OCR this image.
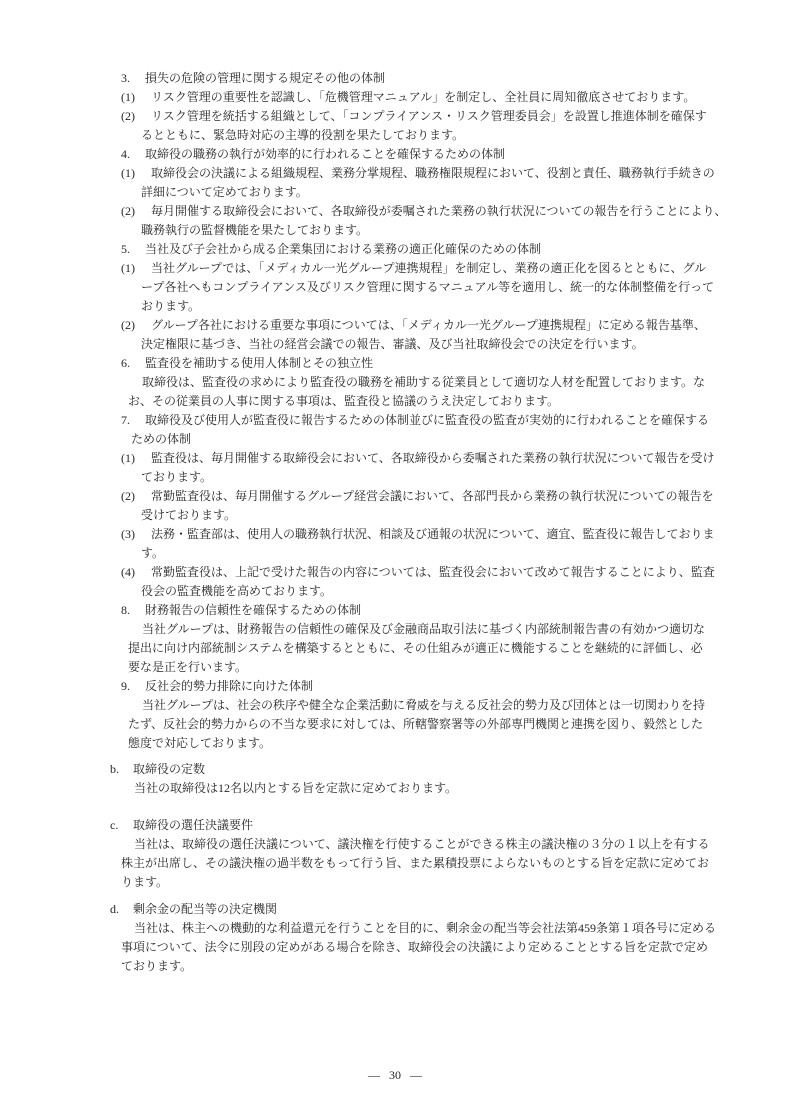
3. 損失の危険の管理に関する規定その他の体制
(1) リスク管理の重要性を認識し、「危機管理マニュアル」を制定し、全社員に周知徹底させております。
(2) リスク管理を統括する組織として、「コンプライアンス・リスク管理委員会」を設置し推進体制を確保す
るとともに、緊急時対応の主導的役割を果たしております。
4. 取締役の職務の執行が効率的に行われることを確保するための体制
(1) 取締役会の決議による組織規程、業務分掌規程、職務権限規程において、役割と責任、職務執行手続きの
詳細について定めております。
(2) 毎月開催する取締役会において、各取締役が委嘱された業務の執行状況についての報告を行うことにより、
職務執行の監督機能を果たしております。
5. 当社及び子会社から成る企業集団における業務の適正化確保のための体制
(1) 当社グループでは、「メディカル一光グループ連携規程」を制定し、業務の適正化を図るとともに、グル
ープ各社へもコンプライアンス及びリスク管理に関するマニュアル等を適用し、統一的な体制整備を行って
おります。
(2) グループ各社における重要な事項については、「メディカル一光グループ連携規程」に定める報告基準、
決定権限に基づき、当社の経営会議での報告、審議、及び当社取締役会での決定を行います。
6. 監査役を補助する使用人体制とその独立性
取締役は、監査役の求めにより監査役の職務を補助する従業員として適切な人材を配置しております。な
お、その従業員の人事に関する事項は、監査役と協議のうえ決定しております。
7. 取締役及び使用人が監査役に報告するための体制並びに監査役の監査が実効的に行われることを確保する
ための体制
(1) 監査役は、毎月開催する取締役会において、各取締役から委嘱された業務の執行状況について報告を受け
ております。
(2) 常勤監査役は、毎月開催するグループ経営会議において、各部門長から業務の執行状況についての報告を
受けております。
(3) 法務・監査部は、使用人の職務執行状況、相談及び通報の状況について、適宜、監査役に報告しておりま
す。
(4) 常勤監査役は、上記で受けた報告の内容については、監査役会において改めて報告することにより、監査
役会の監査機能を高めております。
8. 財務報告の信頼性を確保するための体制
当社グループは、財務報告の信頼性の確保及び金融商品取引法に基づく内部統制報告書の有効かつ適切な
提出に向け内部統制システムを構築するとともに、その仕組みが適正に機能することを継続的に評価し、必
要な是正を行います。
9. 反社会的勢力排除に向けた体制
当社グループは、社会の秩序や健全な企業活動に脅威を与える反社会的勢力及び団体とは一切関わりを持
たず、反社会的勢力からの不当な要求に対しては、所轄警察署等の外部専門機関と連携を図り、毅然とした
態度で対応しております。
b. 取締役の定数
当社の取締役は12名以内とする旨を定款に定めております。
c. 取締役の選任決議要件
当社は、取締役の選任決議について、議決権を行使することができる株主の議決権の３分の１以上を有する
株主が出席し、その議決権の過半数をもって行う旨、また累積投票によらないものとする旨を定款に定めてお
ります。
d. 剰余金の配当等の決定機関
当社は、株主への機動的な利益還元を行うことを目的に、剰余金の配当等会社法第459条第１項各号に定める
事項について、法令に別段の定めがある場合を除き、取締役会の決議により定めることとする旨を定款で定め
ております。
― 30 ―
